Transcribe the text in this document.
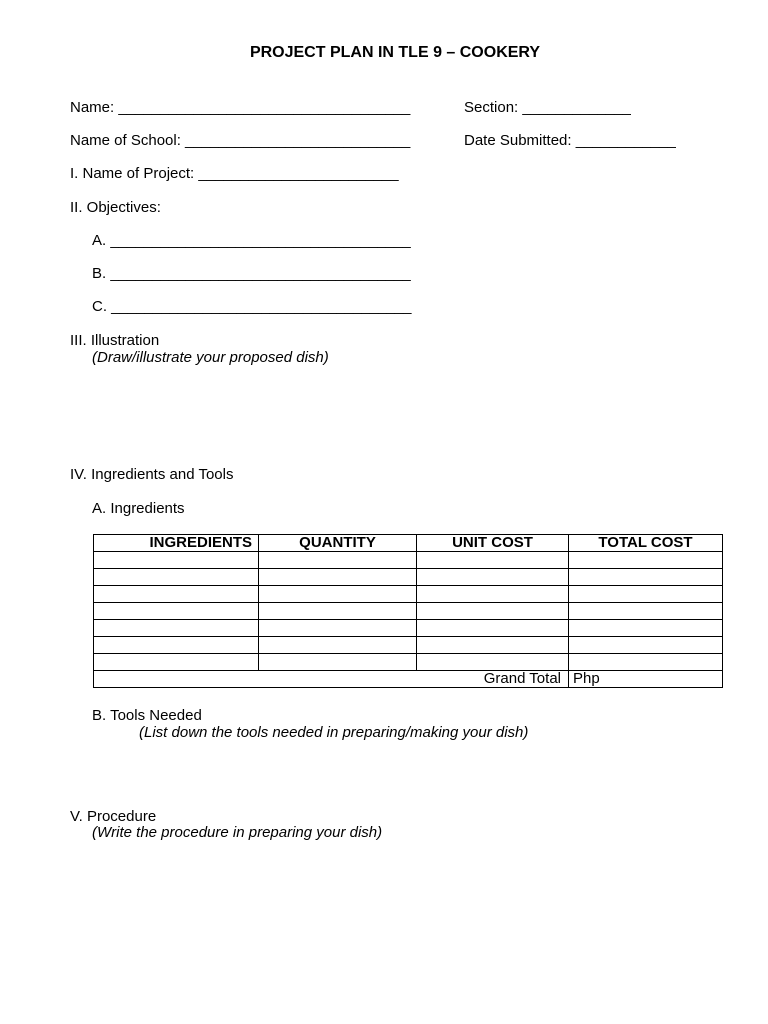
PROJECT PLAN IN TLE 9 – COOKERY
Name: ___________________________________	Section: _____________
Name of School: ___________________________	Date Submitted: ____________
I. Name of Project: ________________________
II. Objectives:
A. ____________________________________
B. ____________________________________
C. ____________________________________
III. Illustration
(Draw/illustrate your proposed dish)
IV. Ingredients and Tools
A. Ingredients
INGREDIENTS	QUANTITY	UNIT COST	TOTAL COST

Grand Total			Php
B. Tools Needed
(List down the tools needed in preparing/making your dish)
V. Procedure
(Write the procedure in preparing your dish)
